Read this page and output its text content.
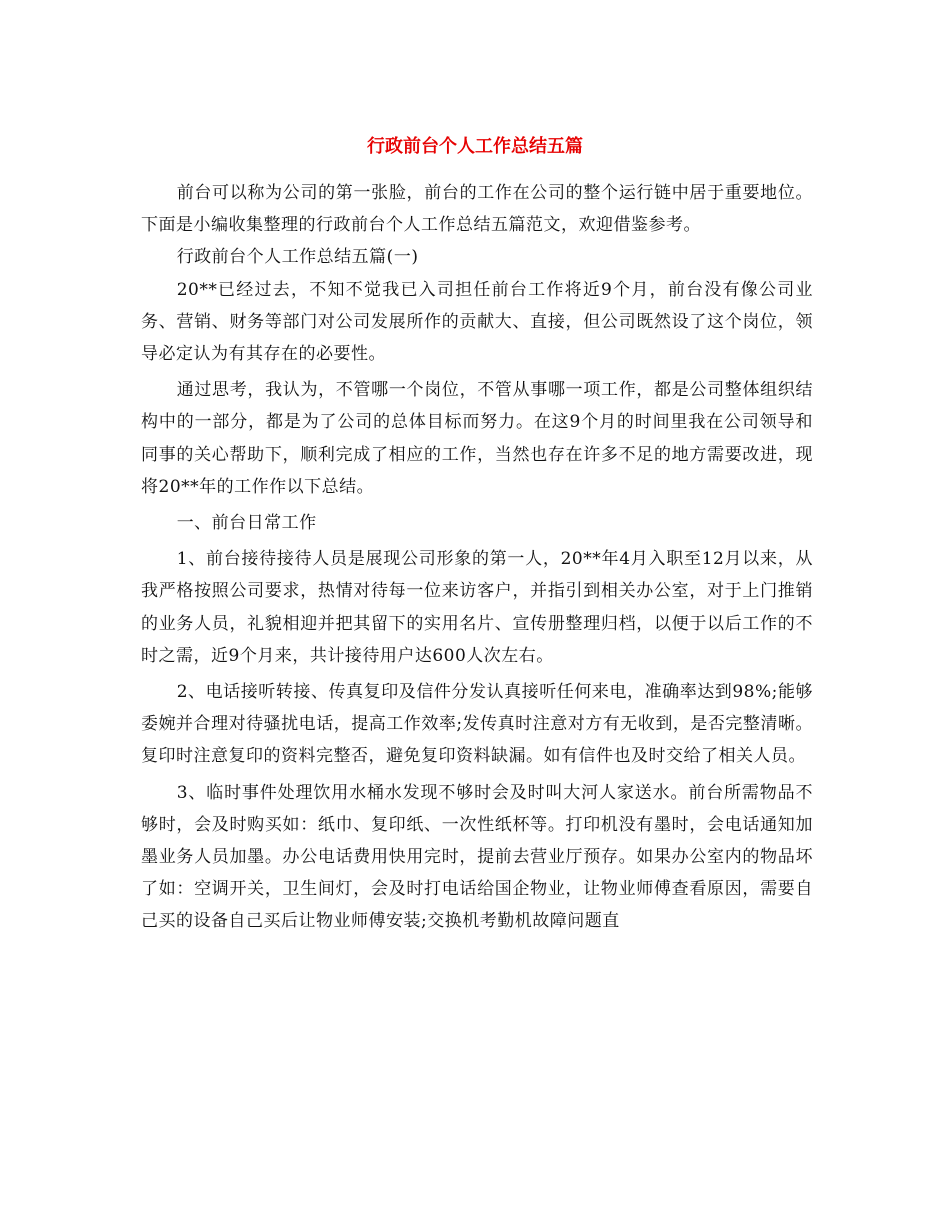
行政前台个人工作总结五篇

前台可以称为公司的第一张脸，前台的工作在公司的整个运行链中居于重要地位。下面是小编收集整理的行政前台个人工作总结五篇范文，欢迎借鉴参考。

行政前台个人工作总结五篇(一)

20**已经过去，不知不觉我已入司担任前台工作将近9个月，前台没有像公司业务、营销、财务等部门对公司发展所作的贡献大、直接，但公司既然设了这个岗位，领导必定认为有其存在的必要性。

通过思考，我认为，不管哪一个岗位，不管从事哪一项工作，都是公司整体组织结构中的一部分，都是为了公司的总体目标而努力。在这9个月的时间里我在公司领导和同事的关心帮助下，顺利完成了相应的工作，当然也存在许多不足的地方需要改进，现将20**年的工作作以下总结。

一、前台日常工作

1、前台接待接待人员是展现公司形象的第一人，20**年4月入职至12月以来，从我严格按照公司要求，热情对待每一位来访客户，并指引到相关办公室，对于上门推销的业务人员，礼貌相迎并把其留下的实用名片、宣传册整理归档，以便于以后工作的不时之需，近9个月来，共计接待用户达600人次左右。

2、电话接听转接、传真复印及信件分发认真接听任何来电，准确率达到98%;能够委婉并合理对待骚扰电话，提高工作效率;发传真时注意对方有无收到，是否完整清晰。复印时注意复印的资料完整否，避免复印资料缺漏。如有信件也及时交给了相关人员。

3、临时事件处理饮用水桶水发现不够时会及时叫大河人家送水。前台所需物品不够时，会及时购买如：纸巾、复印纸、一次性纸杯等。打印机没有墨时，会电话通知加墨业务人员加墨。办公电话费用快用完时，提前去营业厅预存。如果办公室内的物品坏了如：空调开关，卫生间灯，会及时打电话给国企物业，让物业师傅查看原因，需要自己买的设备自己买后让物业师傅安装;交换机考勤机故障问题直
